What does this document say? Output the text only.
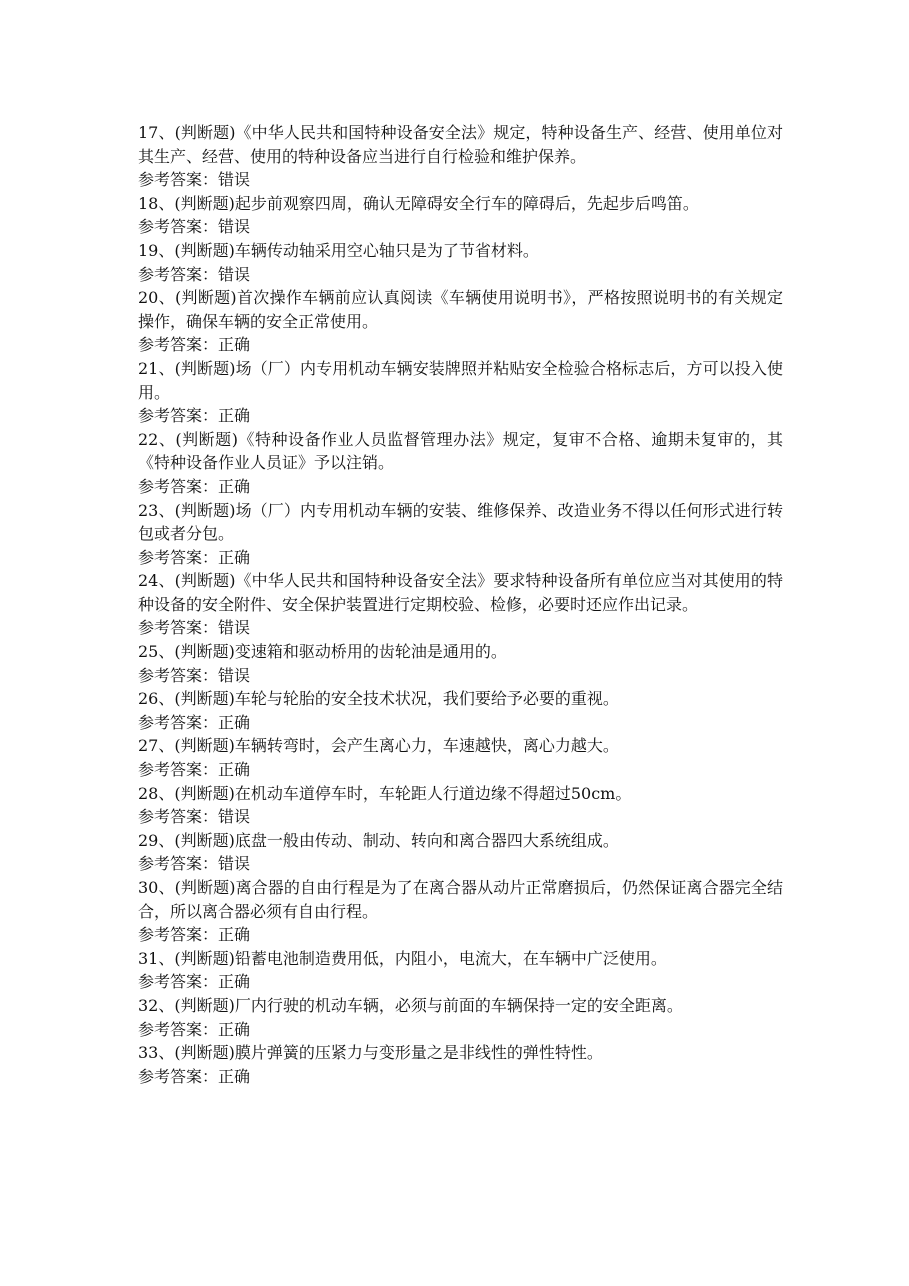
17、(判断题)《中华人民共和国特种设备安全法》规定，特种设备生产、经营、使用单位对其生产、经营、使用的特种设备应当进行自行检验和维护保养。

参考答案：错误

18、(判断题)起步前观察四周，确认无障碍安全行车的障碍后，先起步后鸣笛。

参考答案：错误

19、(判断题)车辆传动轴采用空心轴只是为了节省材料。

参考答案：错误

20、(判断题)首次操作车辆前应认真阅读《车辆使用说明书》，严格按照说明书的有关规定操作，确保车辆的安全正常使用。

参考答案：正确

21、(判断题)场（厂）内专用机动车辆安装牌照并粘贴安全检验合格标志后，方可以投入使用。

参考答案：正确

22、(判断题)《特种设备作业人员监督管理办法》规定，复审不合格、逾期未复审的，其《特种设备作业人员证》予以注销。

参考答案：正确

23、(判断题)场（厂）内专用机动车辆的安装、维修保养、改造业务不得以任何形式进行转包或者分包。

参考答案：正确

24、(判断题)《中华人民共和国特种设备安全法》要求特种设备所有单位应当对其使用的特种设备的安全附件、安全保护装置进行定期校验、检修，必要时还应作出记录。

参考答案：错误

25、(判断题)变速箱和驱动桥用的齿轮油是通用的。

参考答案：错误

26、(判断题)车轮与轮胎的安全技术状况，我们要给予必要的重视。

参考答案：正确

27、(判断题)车辆转弯时，会产生离心力，车速越快，离心力越大。

参考答案：正确

28、(判断题)在机动车道停车时，车轮距人行道边缘不得超过50cm。

参考答案：错误

29、(判断题)底盘一般由传动、制动、转向和离合器四大系统组成。

参考答案：错误

30、(判断题)离合器的自由行程是为了在离合器从动片正常磨损后，仍然保证离合器完全结合，所以离合器必须有自由行程。

参考答案：正确

31、(判断题)铅蓄电池制造费用低，内阻小，电流大，在车辆中广泛使用。

参考答案：正确

32、(判断题)厂内行驶的机动车辆，必须与前面的车辆保持一定的安全距离。

参考答案：正确

33、(判断题)膜片弹簧的压紧力与变形量之是非线性的弹性特性。

参考答案：正确
